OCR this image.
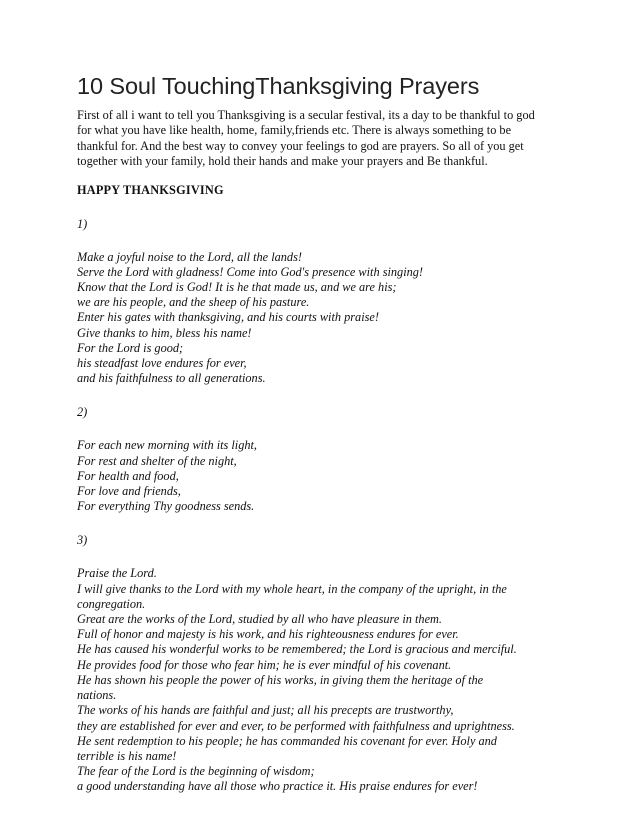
10 Soul TouchingThanksgiving Prayers

First of all i want to tell you Thanksgiving is a secular festival, its a day to be thankful to god
for what you have like health, home, family,friends etc. There is always something to be
thankful for. And the best way to convey your feelings to god are prayers. So all of you get
together with your family, hold their hands and make your prayers and Be thankful.

HAPPY THANKSGIVING
1)
Make a joyful noise to the Lord, all the lands!
Serve the Lord with gladness! Come into God's presence with singing!
Know that the Lord is God! It is he that made us, and we are his;
we are his people, and the sheep of his pasture.
Enter his gates with thanksgiving, and his courts with praise!
Give thanks to him, bless his name!
For the Lord is good;
his steadfast love endures for ever,
and his faithfulness to all generations.
2)
For each new morning with its light,
For rest and shelter of the night,
For health and food,
For love and friends,
For everything Thy goodness sends.
3)
Praise the Lord.
I will give thanks to the Lord with my whole heart, in the company of the upright, in the
congregation.
Great are the works of the Lord, studied by all who have pleasure in them.
Full of honor and majesty is his work, and his righteousness endures for ever.
He has caused his wonderful works to be remembered; the Lord is gracious and merciful.
He provides food for those who fear him; he is ever mindful of his covenant.
He has shown his people the power of his works, in giving them the heritage of the
nations.
The works of his hands are faithful and just; all his precepts are trustworthy,
they are established for ever and ever, to be performed with faithfulness and uprightness.
He sent redemption to his people; he has commanded his covenant for ever. Holy and
terrible is his name!
The fear of the Lord is the beginning of wisdom;
a good understanding have all those who practice it. His praise endures for ever!
